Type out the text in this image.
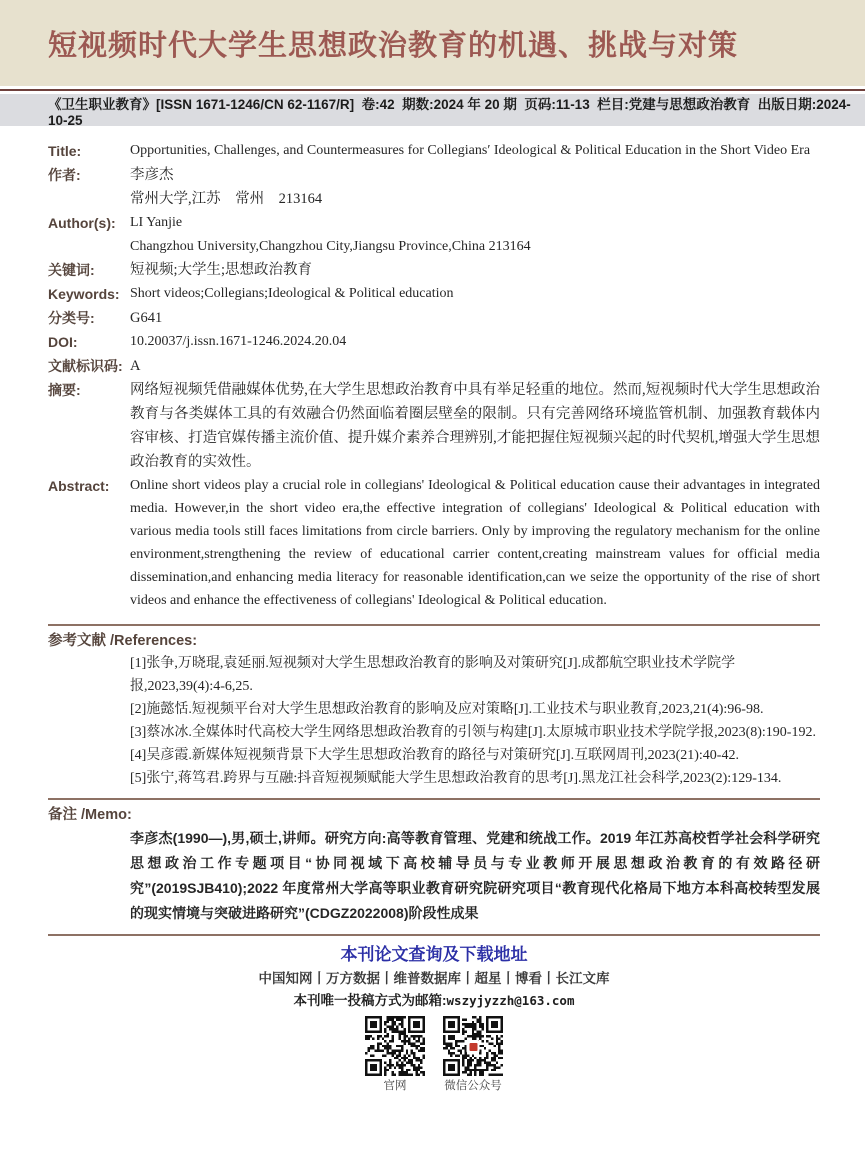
短视频时代大学生思想政治教育的机遇、挑战与对策
《卫生职业教育》[ISSN 1671-1246/CN 62-1167/R]  卷:42  期数:2024 年 20 期  页码:11-13  栏目:党建与思想政治教育  出版日期:2024-10-25
Title:	Opportunities, Challenges, and Countermeasures for Collegians′ Ideological & Political Education in the Short Video Era
作者:	李彦杰
常州大学,江苏　常州　213164
Author(s):	LI Yanjie
Changzhou University,Changzhou City,Jiangsu Province,China 213164
关键词:	短视频;大学生;思想政治教育
Keywords: Short videos;Collegians;Ideological & Political education
分类号:	G641
DOI:	10.20037/j.issn.1671-1246.2024.20.04
文献标识码: A
摘要:	网络短视频凭借融媒体优势,在大学生思想政治教育中具有举足轻重的地位。然而,短视频时代大学生思想政治教育与各类媒体工具的有效融合仍然面临着圈层壁垒的限制。只有完善网络环境监管机制、加强教育载体内容审核、打造官媒传播主流价值、提升媒介素养合理辨别,才能把握住短视频兴起的时代契机,增强大学生思想政治教育的实效性。
Abstract:	Online short videos play a crucial role in collegians' Ideological & Political education cause their advantages in integrated media. However,in the short video era,the effective integration of collegians' Ideological & Political education with various media tools still faces limitations from circle barriers. Only by improving the regulatory mechanism for the online environment,strengthening the review of educational carrier content,creating mainstream values for official media dissemination,and enhancing media literacy for reasonable identification,can we seize the opportunity of the rise of short videos and enhance the effectiveness of collegians' Ideological & Political education.
参考文献 /References:
[1]张争,万晓琨,袁延丽.短视频对大学生思想政治教育的影响及对策研究[J].成都航空职业技术学院学报,2023,39(4):4-6,25.
[2]施懿恬.短视频平台对大学生思想政治教育的影响及应对策略[J].工业技术与职业教育,2023,21(4):96-98.
[3]蔡冰冰.全媒体时代高校大学生网络思想政治教育的引领与构建[J].太原城市职业技术学院学报,2023(8):190-192.
[4]吴彦霞.新媒体短视频背景下大学生思想政治教育的路径与对策研究[J].互联网周刊,2023(21):40-42.
[5]张宁,蒋笃君.跨界与互融:抖音短视频赋能大学生思想政治教育的思考[J].黑龙江社会科学,2023(2):129-134.
备注 /Memo:
李彦杰(1990—),男,硕士,讲师。研究方向:高等教育管理、党建和统战工作。2019 年江苏高校哲学社会科学研究思想政治工作专题项目“协同视域下高校辅导员与专业教师开展思想政治教育的有效路径研究”(2019SJB410);2022 年度常州大学高等职业教育研究院研究项目“教育现代化格局下地方本科高校转型发展的现实情境与突破进路研究”(CDGZ2022008)阶段性成果
本刊论文查询及下载地址
中国知网丨万方数据丨维普数据库丨超星丨博看丨长江文库
本刊唯一投稿方式为邮箱:wszyjyzzh@163.com
官网	微信公众号
